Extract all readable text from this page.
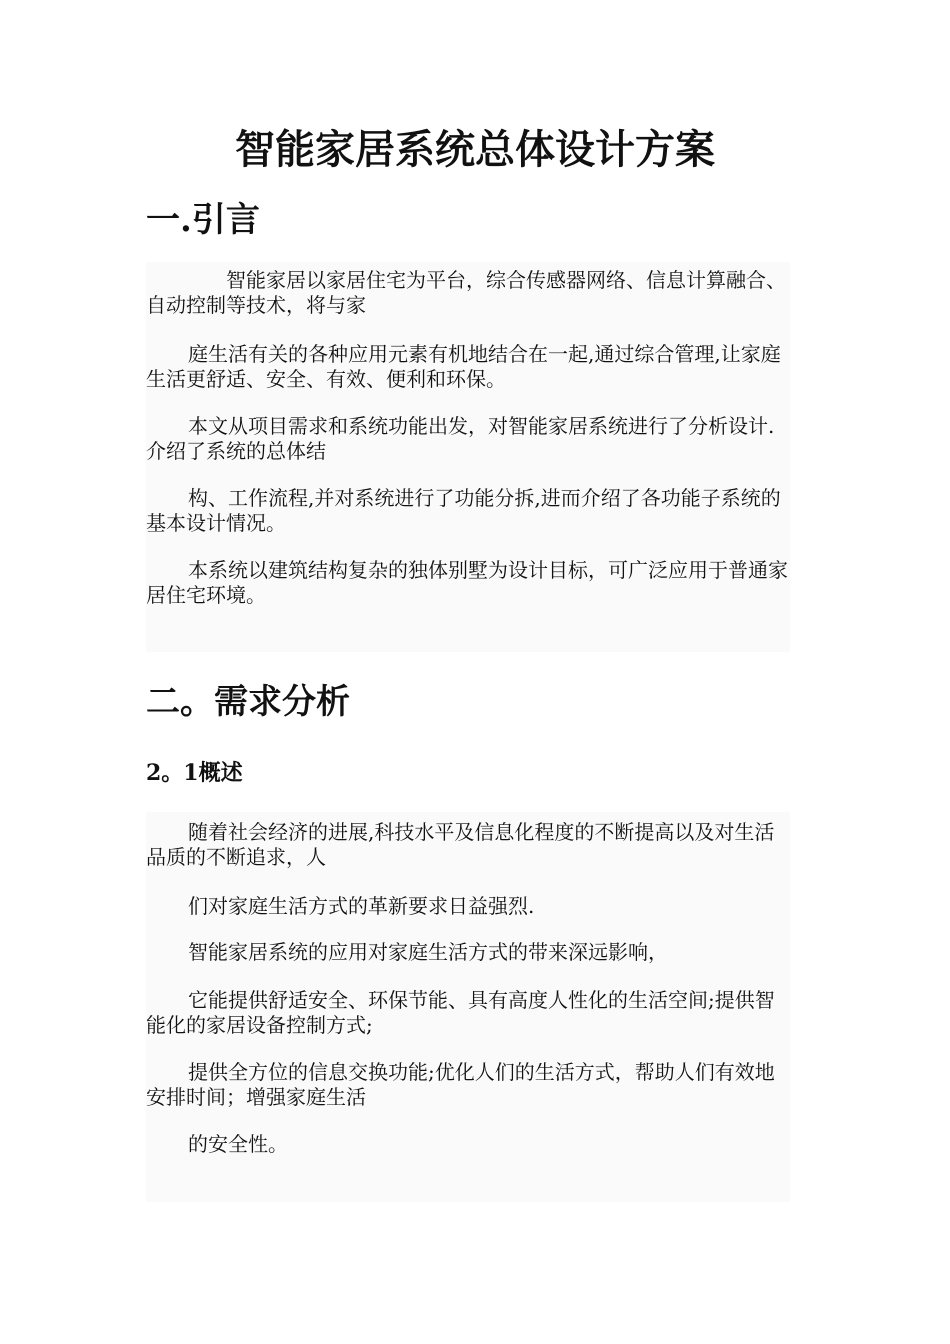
智能家居系统总体设计方案
一.引言

智能家居以家居住宅为平台，综合传感器网络、信息计算融合、自动控制等技术，将与家

庭生活有关的各种应用元素有机地结合在一起,通过综合管理,让家庭生活更舒适、安全、有效、便利和环保。

本文从项目需求和系统功能出发，对智能家居系统进行了分析设计.介绍了系统的总体结

构、工作流程,并对系统进行了功能分拆,进而介绍了各功能子系统的基本设计情况。

本系统以建筑结构复杂的独体别墅为设计目标，可广泛应用于普通家居住宅环境。

二。需求分析
2。1概述

随着社会经济的进展,科技水平及信息化程度的不断提高以及对生活品质的不断追求，人

们对家庭生活方式的革新要求日益强烈.

智能家居系统的应用对家庭生活方式的带来深远影响，

它能提供舒适安全、环保节能、具有高度人性化的生活空间;提供智能化的家居设备控制方式;

提供全方位的信息交换功能;优化人们的生活方式，帮助人们有效地安排时间；增强家庭生活

的安全性。
